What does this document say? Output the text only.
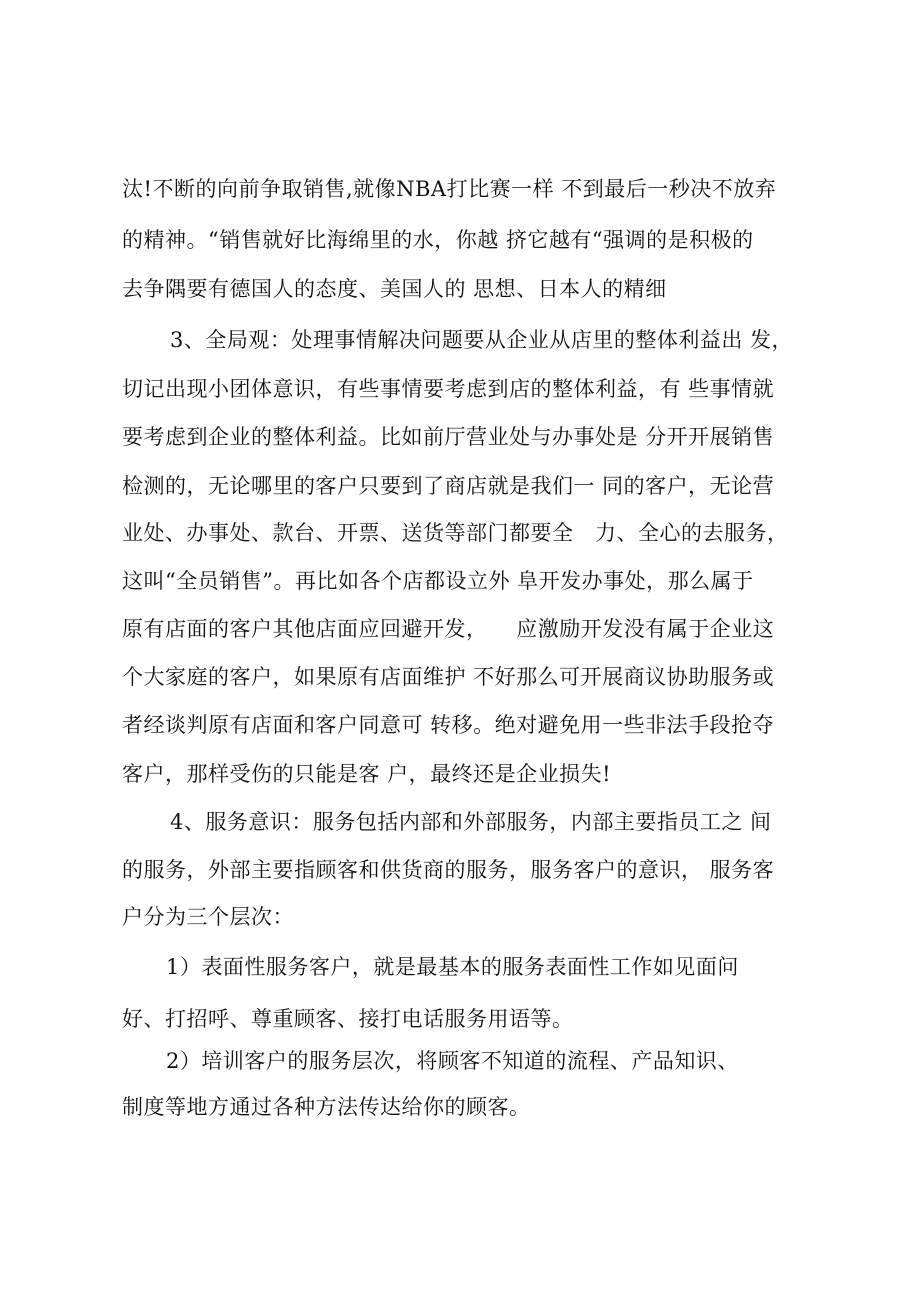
汰!不断的向前争取销售,就像NBA打比赛一样 不到最后一秒决不放弃

的精神。“销售就好比海绵里的水，你越 挤它越有“强调的是积极的

去争隅要有德国人的态度、美国人的 思想、日本人的精细

3、全局观：处理事情解决问题要从企业从店里的整体利益出 发，

切记出现小团体意识，有些事情要考虑到店的整体利益，有 些事情就

要考虑到企业的整体利益。比如前厅营业处与办事处是 分开开展销售

检测的，无论哪里的客户只要到了商店就是我们一 同的客户，无论营

业处、办事处、款台、开票、送货等部门都要全   力、全心的去服务，

这叫“全员销售”。再比如各个店都设立外 阜开发办事处，那么属于

原有店面的客户其他店面应回避开发，    应激励开发没有属于企业这

个大家庭的客户，如果原有店面维护 不好那么可开展商议协助服务或

者经谈判原有店面和客户同意可 转移。绝对避免用一些非法手段抢夺

客户，那样受伤的只能是客 户，最终还是企业损失!

4、服务意识：服务包括内部和外部服务，内部主要指员工之 间

的服务，外部主要指顾客和供货商的服务，服务客户的意识， 服务客

户分为三个层次：

1）表面性服务客户，就是最基本的服务表面性工作如见面问

好、打招呼、尊重顾客、接打电话服务用语等。

2）培训客户的服务层次，将顾客不知道的流程、产品知识、

制度等地方通过各种方法传达给你的顾客。
